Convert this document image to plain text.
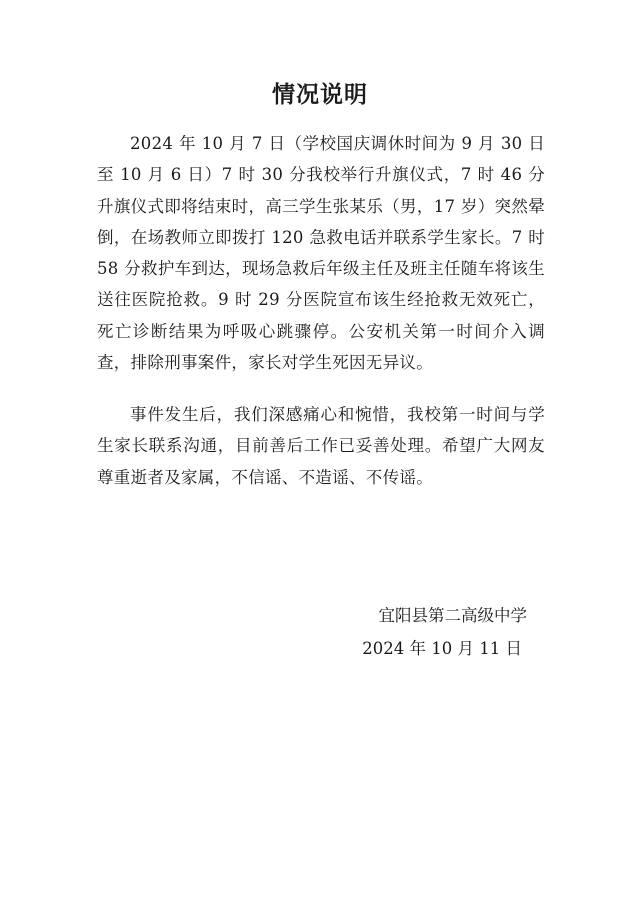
情况说明

2024 年 10 月 7 日（学校国庆调休时间为 9 月 30 日至 10 月 6 日）7 时 30 分我校举行升旗仪式，7 时 46 分升旗仪式即将结束时，高三学生张某乐（男，17 岁）突然晕倒，在场教师立即拨打 120 急救电话并联系学生家长。7 时 58 分救护车到达，现场急救后年级主任及班主任随车将该生送往医院抢救。9 时 29 分医院宣布该生经抢救无效死亡，死亡诊断结果为呼吸心跳骤停。公安机关第一时间介入调查，排除刑事案件，家长对学生死因无异议。

事件发生后，我们深感痛心和惋惜，我校第一时间与学生家长联系沟通，目前善后工作已妥善处理。希望广大网友尊重逝者及家属，不信谣、不造谣、不传谣。

宜阳县第二高级中学
2024 年 10 月 11 日
